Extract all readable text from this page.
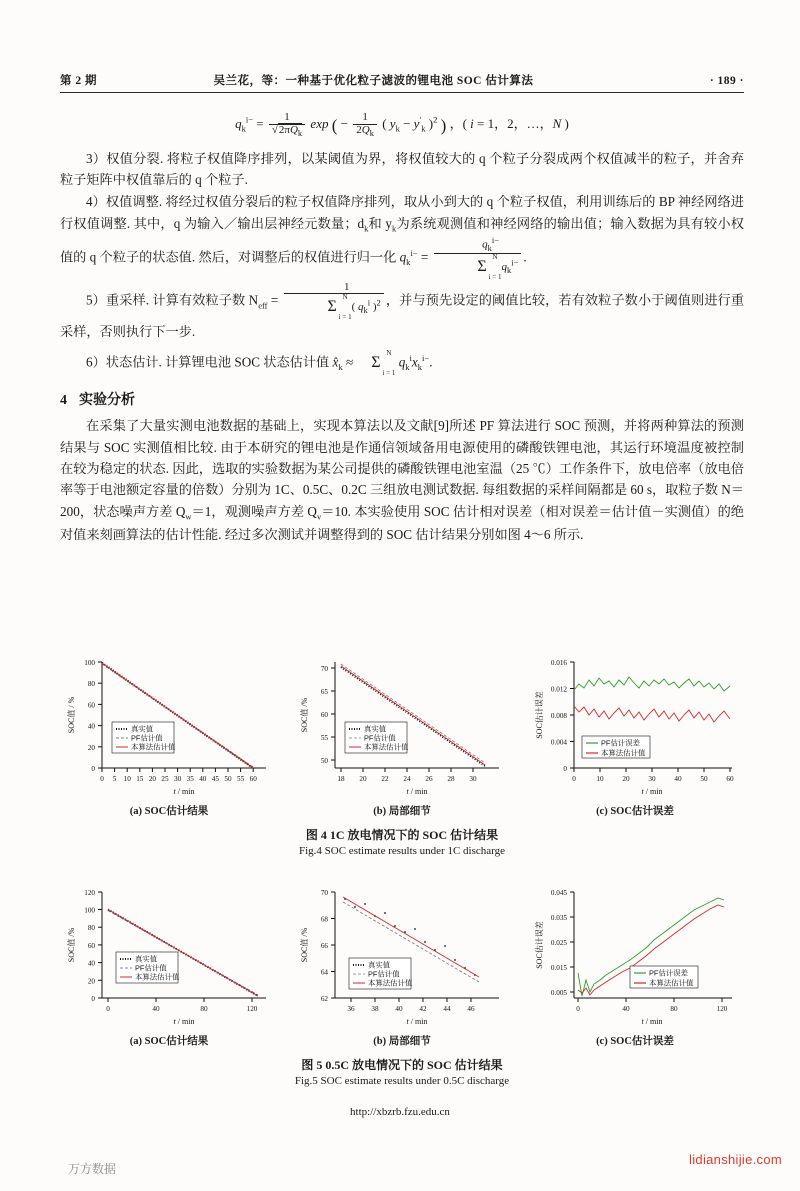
第 2 期	吴兰花，等：一种基于优化粒子滤波的锂电池 SOC 估计算法	· 189 ·
$q_k^{i-} = \frac{1}{√2\pi Q_k}$ exp ( − $\frac{1}{2Q_k}$ ( $y_k - y'_k$ )$^2$ ) ，( i = 1，2，…，N )

3）权值分裂. 将粒子权值降序排列，以某阈值为界，将权值较大的 q 个粒子分裂成两个权值减半的粒子，并舍弃粒子矩阵中权值靠后的 q 个粒子.

4）权值调整. 将经过权值分裂后的粒子权值降序排列，取从小到大的 q 个粒子权值，利用训练后的 BP 神经网络进行权值调整. 其中，q 为输入／输出层神经元数量；$d_k$和 $y_k$为系统观测值和神经网络的输出值；输入数据为具有较小权值的 q 个粒子的状态值. 然后，对调整后的权值进行归一化 $q_k^{i-} = q_k^{i-}$
N
Σ
i = 1
$q_k^{i-}$ .

5）重采样. 计算有效粒子数 $N_{eff} = 1$
N
Σ
i = 1
( $q_k^i$ )$^2$ ，并与预先设定的阈值比较，若有效粒子数小于阈值则进行重采样，否则执行下一步.

6）状态估计. 计算锂电池 SOC 状态估计值 $x̂_k$ ≈
N
Σ
i = 1
$q_k^ix_k^{i-}$.

4 实验分析

在采集了大量实测电池数据的基础上，实现本算法以及文献[9]所述 PF 算法进行 SOC 预测，并将两种算法的预测结果与 SOC 实测值相比较. 由于本研究的锂电池是作通信领域备用电源使用的磷酸铁锂电池，其运行环境温度被控制在较为稳定的状态. 因此，选取的实验数据为某公司提供的磷酸铁锂电池室温（25 ℃）工作条件下，放电倍率（放电倍率等于电池额定容量的倍数）分别为 1C、0.5C、0.2C 三组放电测试数据. 每组数据的采样间隔都是 60 s，取粒子数 N＝200，状态噪声方差 $Q_w=1$，观测噪声方差 $Q_v=10$. 本实验使用 SOC 估计相对误差（相对误差＝估计值－实测值）的绝对值来刻画算法的估计性能. 经过多次测试并调整得到的 SOC 估计结果分别如图 4～6 所示.

0
20
40
60
80
100
0 5 10 15 20 25 30 35 40 45 50 55 60
t / min
SOC值 / %	真实值
PF估计值
本算法估计值
(a) SOC估计结果
50
55
60
65
70
18 20 22 24 26 28 30
t / min
SOC值 /%	真实值
PF估计值
本算法估计值
(b) 局部细节
0
0.004
0.008
0.012
0.016
0	10	20	30	40	50	60
t / min
SOC估计误差
PF估计误差
本算法估计值
(c) SOC估计误差
图 4 1C 放电情况下的 SOC 估计结果
Fig.4 SOC estimate results under 1C discharge
0
20
40
60
80
100
120
0	40	80	120
t / min
SOC值 /%	真实值
PF估计值
本算法估计值
(a) SOC估计结果
62
64
66
68
70
36 38 40 42 44 46
t / min
SOC值 /%
真实值
PF估计值
本算法估计值
(b) 局部细节
0.005
0.015
0.025
0.035
0.045
0	40	80	120
t / min
SOC估计误差
PF估计误差
本算法估计值
(c) SOC估计误差
图 5 0.5C 放电情况下的 SOC 估计结果
Fig.5 SOC estimate results under 0.5C discharge
http://xbzrb.fzu.edu.cn
万方数据
lidianshijie.com
